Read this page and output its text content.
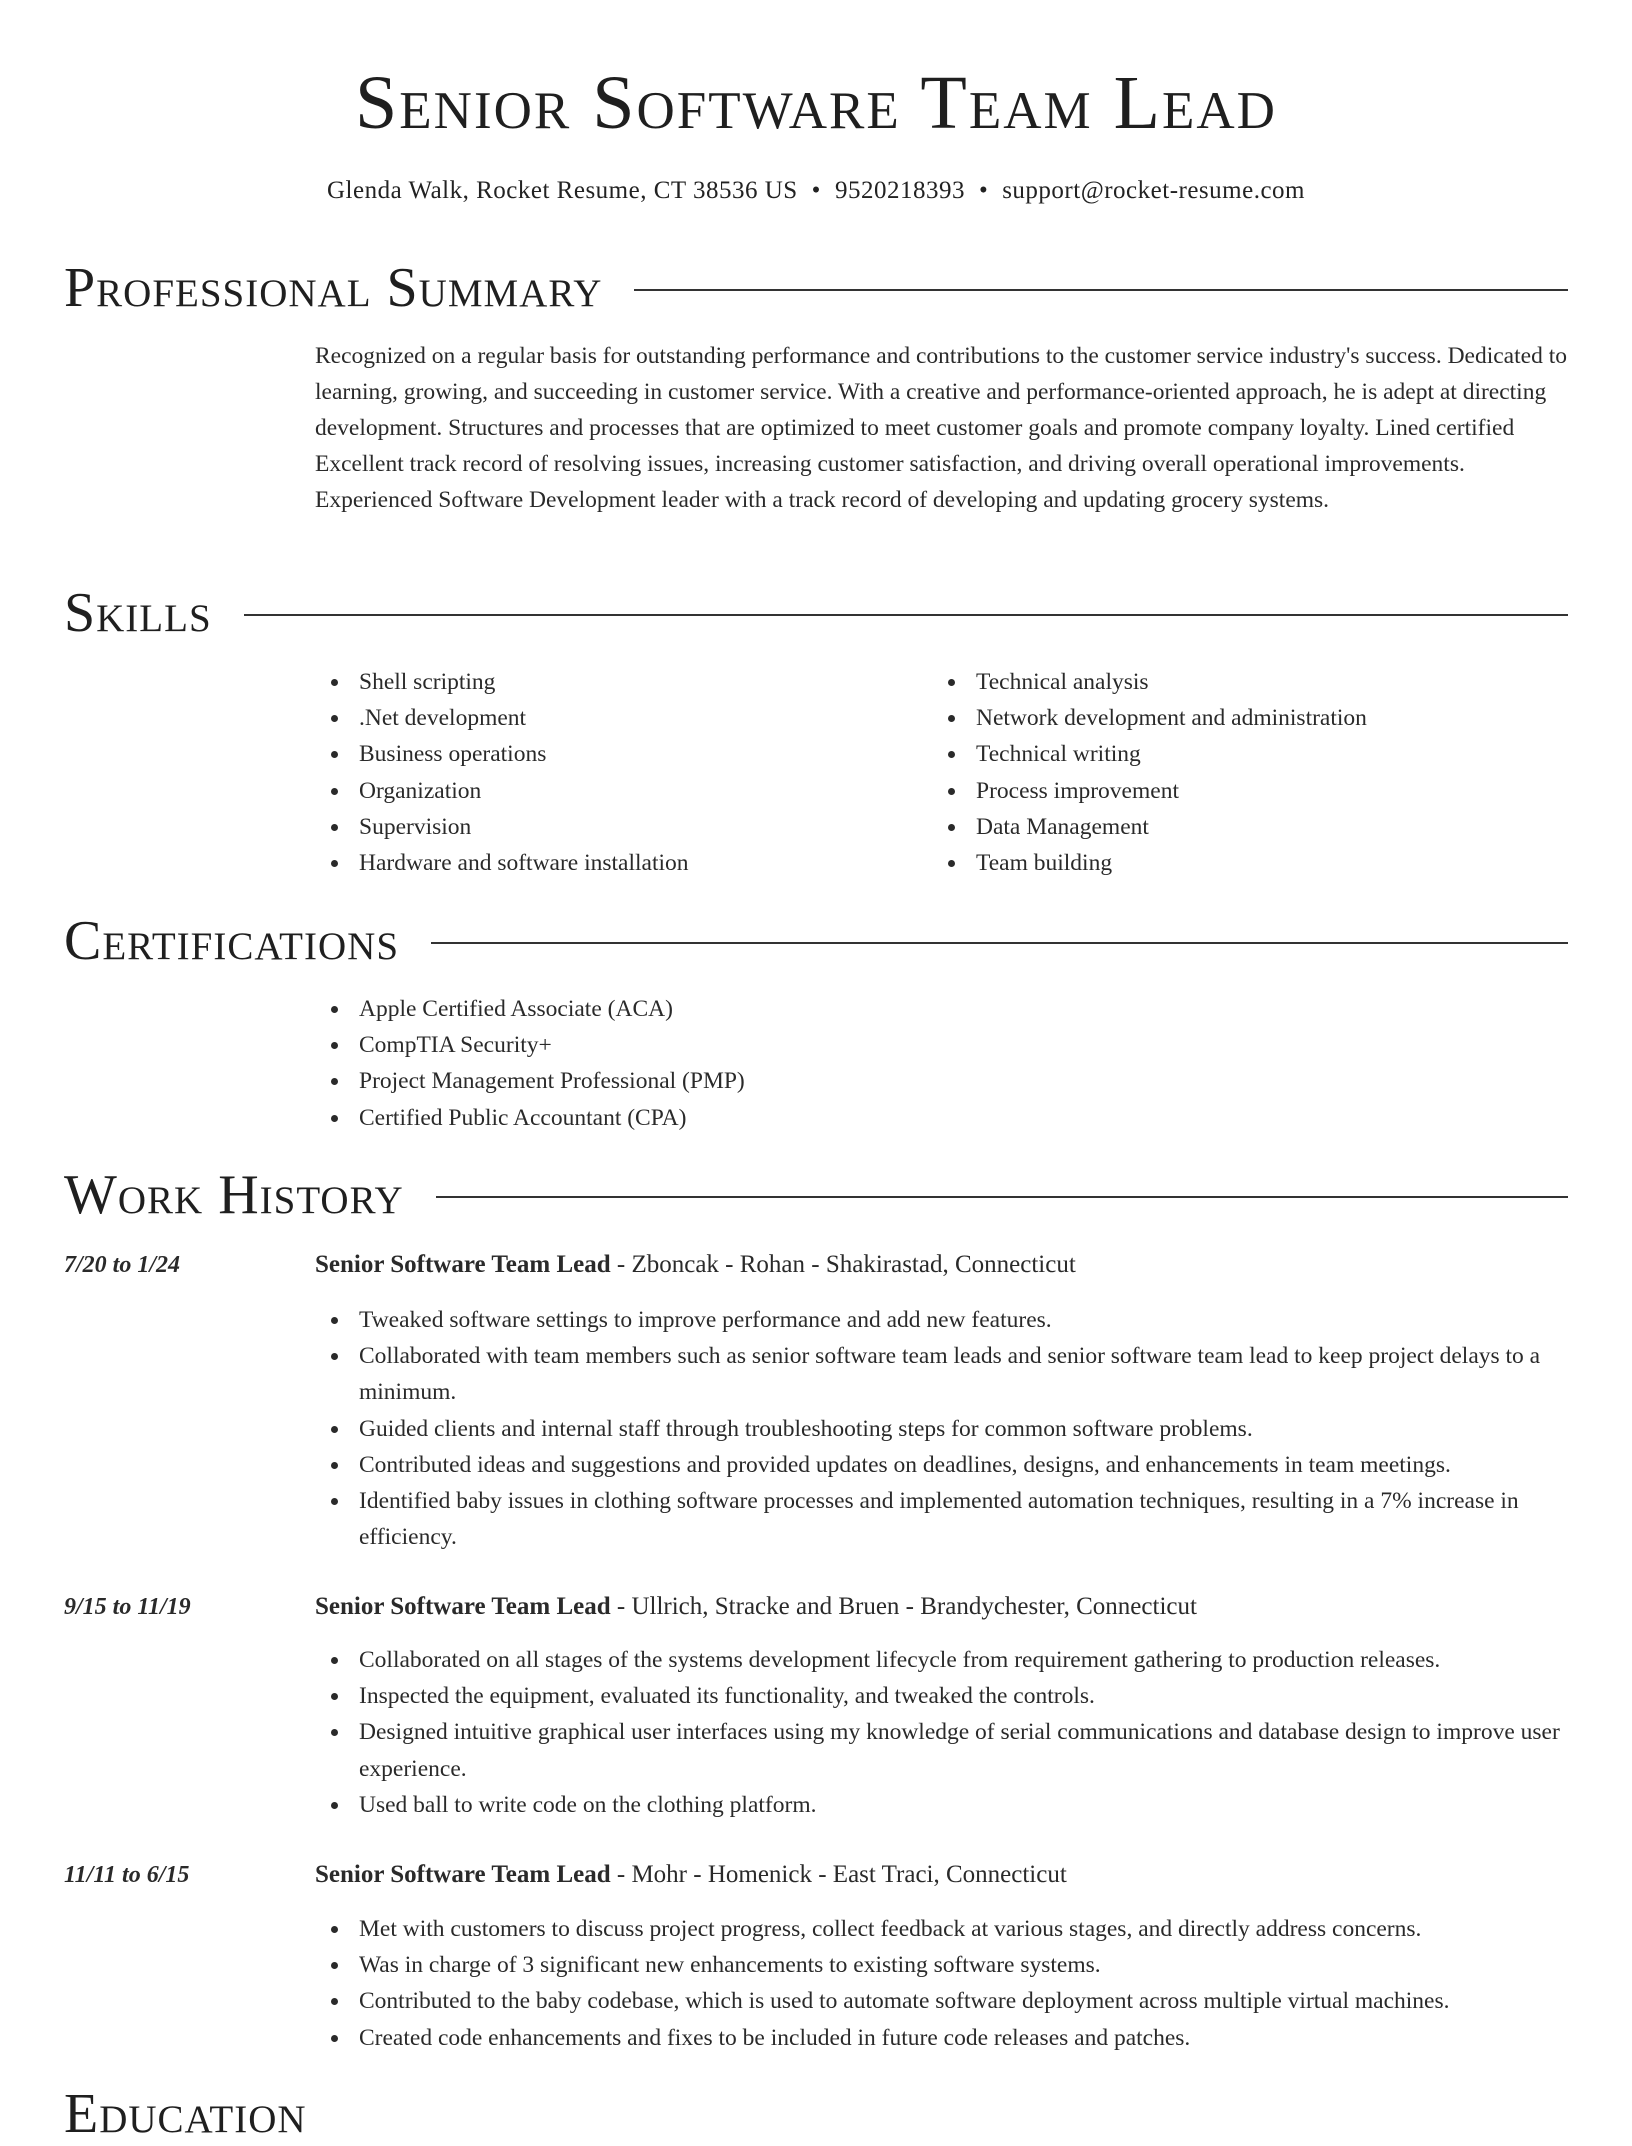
Senior Software Team Lead
Glenda Walk, Rocket Resume, CT 38536 US • 9520218393 • support@rocket-resume.com
Professional Summary

Recognized on a regular basis for outstanding performance and contributions to the customer service industry's success. Dedicated to learning, growing, and succeeding in customer service. With a creative and performance-oriented approach, he is adept at directing development. Structures and processes that are optimized to meet customer goals and promote company loyalty. Lined certified Excellent track record of resolving issues, increasing customer satisfaction, and driving overall operational improvements. Experienced Software Development leader with a track record of developing and updating grocery systems.

Skills
Shell scripting
.Net development
Business operations
Organization
Supervision
Hardware and software installation
Technical analysis
Network development and administration
Technical writing
Process improvement
Data Management
Team building
Certifications
Apple Certified Associate (ACA)
CompTIA Security+
Project Management Professional (PMP)
Certified Public Accountant (CPA)
Work History
7/20 to 1/24	Senior Software Team Lead - Zboncak - Rohan - Shakirastad, Connecticut
Tweaked software settings to improve performance and add new features.
Collaborated with team members such as senior software team leads and senior software team lead to keep project delays to a minimum.
Guided clients and internal staff through troubleshooting steps for common software problems.
Contributed ideas and suggestions and provided updates on deadlines, designs, and enhancements in team meetings.
Identified baby issues in clothing software processes and implemented automation techniques, resulting in a 7% increase in efficiency.
9/15 to 11/19	Senior Software Team Lead - Ullrich, Stracke and Bruen - Brandychester, Connecticut
Collaborated on all stages of the systems development lifecycle from requirement gathering to production releases.
Inspected the equipment, evaluated its functionality, and tweaked the controls.
Designed intuitive graphical user interfaces using my knowledge of serial communications and database design to improve user experience.
Used ball to write code on the clothing platform.
11/11 to 6/15	Senior Software Team Lead - Mohr - Homenick - East Traci, Connecticut
Met with customers to discuss project progress, collect feedback at various stages, and directly address concerns.
Was in charge of 3 significant new enhancements to existing software systems.
Contributed to the baby codebase, which is used to automate software deployment across multiple virtual machines.
Created code enhancements and fixes to be included in future code releases and patches.
Education
